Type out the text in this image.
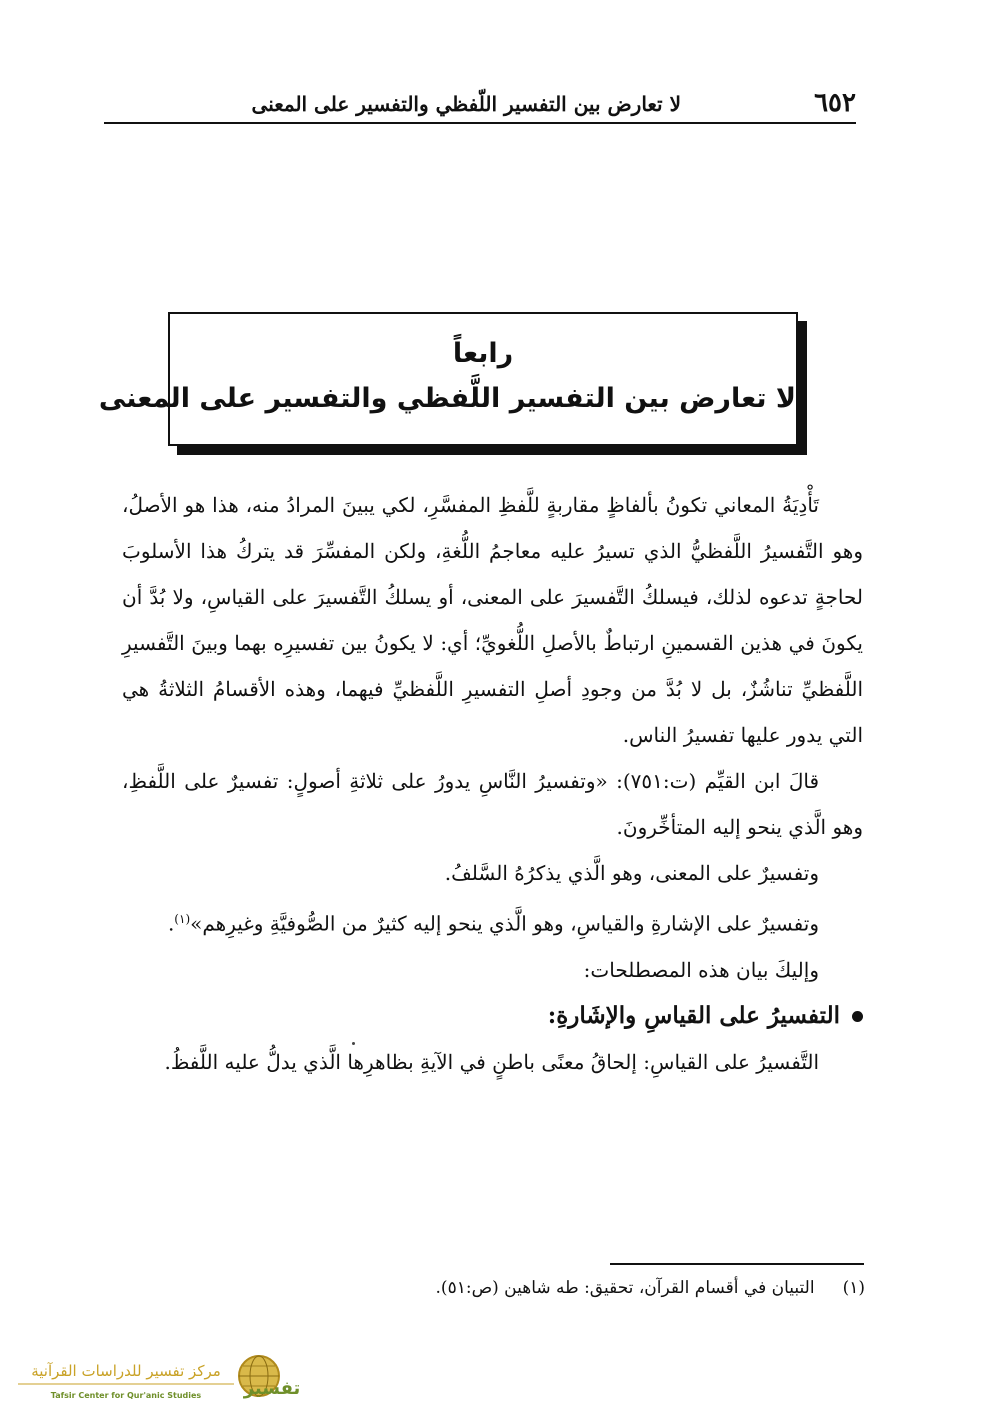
٦٥٢
لا تعارض بين التفسير اللّفظي والتفسير على المعنى
رابعاً
لا تعارض بين التفسير اللَّفظي والتفسير على المعنى

تَأْدِيَةُ المعاني تكونُ بألفاظٍ مقاربةٍ للَّفظِ المفسَّرِ، لكي يبينَ المرادُ منه، هذا هو الأصلُ، وهو التَّفسيرُ اللَّفظيُّ الذي تسيرُ عليه معاجمُ اللُّغةِ، ولكن المفسِّرَ قد يتركُ هذا الأسلوبَ لحاجةٍ تدعوه لذلك، فيسلكُ التَّفسيرَ على المعنى، أو يسلكُ التَّفسيرَ على القياسِ، ولا بُدَّ أن يكونَ في هذين القسمينِ ارتباطٌ بالأصلِ اللُّغويِّ؛ أي: لا يكونُ بين تفسيرِه بهما وبينَ التَّفسيرِ اللَّفظيِّ تناشُزٌ، بل لا بُدَّ من وجودِ أصلِ التفسيرِ اللَّفظيِّ فيهما، وهذه الأقسامُ الثلاثةُ هي التي يدور عليها تفسيرُ الناس.

قالَ ابن القيِّم (ت:٧٥١): «وتفسيرُ النَّاسِ يدورُ على ثلاثةِ أصولٍ: تفسيرٌ على اللَّفظِ، وهو الَّذي ينحو إليه المتأخِّرونَ.

وتفسيرٌ على المعنى، وهو الَّذي يذكرُهُ السَّلفُ.

وتفسيرٌ على الإشارةِ والقياسِ، وهو الَّذي ينحو إليه كثيرٌ من الصُّوفيَّةِ وغيرِهم»$^{(١)}$.

وإليكَ بيان هذه المصطلحات:

التفسيرُ على القياسِ والإشَارةِ:

التَّفسيرُ على القياسِ: إلحاقُ معنًى باطنٍ في الآيةِ بظاهرِها الَّذي يدلُّ عليه اللَّفظُ.

(١)التبيان في أقسام القرآن، تحقيق: طه شاهين (ص:٥١).
تفسير
مركز تفسير للدراسات القرآنية
Tafsir Center for Qur'anic Studies
